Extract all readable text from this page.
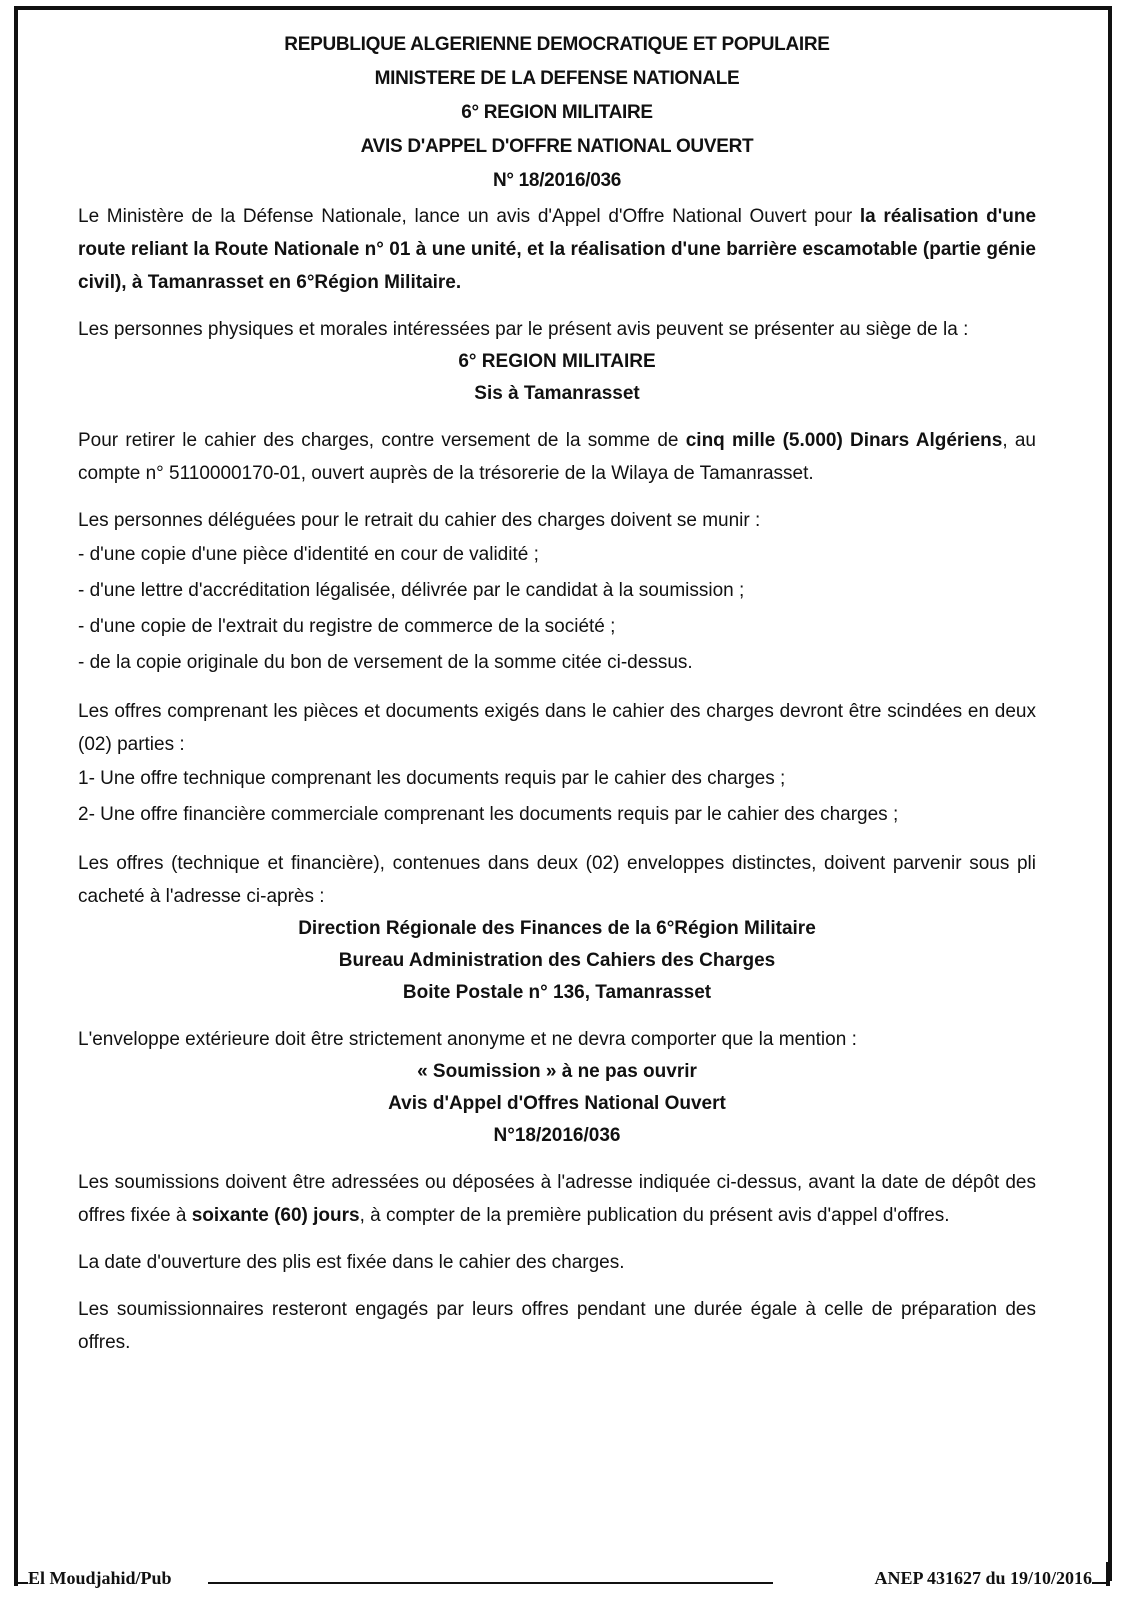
REPUBLIQUE ALGERIENNE DEMOCRATIQUE ET POPULAIRE
MINISTERE DE LA DEFENSE NATIONALE
6° REGION MILITAIRE
AVIS D'APPEL D'OFFRE NATIONAL OUVERT
N° 18/2016/036

Le Ministère de la Défense Nationale, lance un avis d'Appel d'Offre National Ouvert pour la réalisation d'une route reliant la Route Nationale n° 01 à une unité, et la réalisation d'une barrière escamotable (partie génie civil), à Tamanrasset en 6°Région Militaire.

Les personnes physiques et morales intéressées par le présent avis peuvent se présenter au siège de la :

6° REGION MILITAIRE
Sis à Tamanrasset

Pour retirer le cahier des charges, contre versement de la somme de cinq mille (5.000) Dinars Algériens, au compte n° 5110000170-01, ouvert auprès de la trésorerie de la Wilaya de Tamanrasset.

Les personnes déléguées pour le retrait du cahier des charges doivent se munir :

- d'une copie d'une pièce d'identité en cour de validité ;
- d'une lettre d'accréditation légalisée, délivrée par le candidat à la soumission ;
- d'une copie de l'extrait du registre de commerce de la société ;
- de la copie originale du bon de versement de la somme citée ci-dessus.

Les offres comprenant les pièces et documents exigés dans le cahier des charges devront être scindées en deux (02) parties :

1- Une offre technique comprenant les documents requis par le cahier des charges ;
2- Une offre financière commerciale comprenant les documents requis par le cahier des charges ;

Les offres (technique et financière), contenues dans deux (02) enveloppes distinctes, doivent parvenir sous pli cacheté à l'adresse ci-après :

Direction Régionale des Finances de la 6°Région Militaire
Bureau Administration des Cahiers des Charges
Boite Postale n° 136, Tamanrasset

L'enveloppe extérieure doit être strictement anonyme et ne devra comporter que la mention :

« Soumission » à ne pas ouvrir
Avis d'Appel d'Offres National Ouvert
N°18/2016/036

Les soumissions doivent être adressées ou déposées à l'adresse indiquée ci-dessus, avant la date de dépôt des offres fixée à soixante (60) jours, à compter de la première publication du présent avis d'appel d'offres.

La date d'ouverture des plis est fixée dans le cahier des charges.

Les soumissionnaires resteront engagés par leurs offres pendant une durée égale à celle de préparation des offres.

El Moudjahid/Pub	ANEP 431627 du 19/10/2016
